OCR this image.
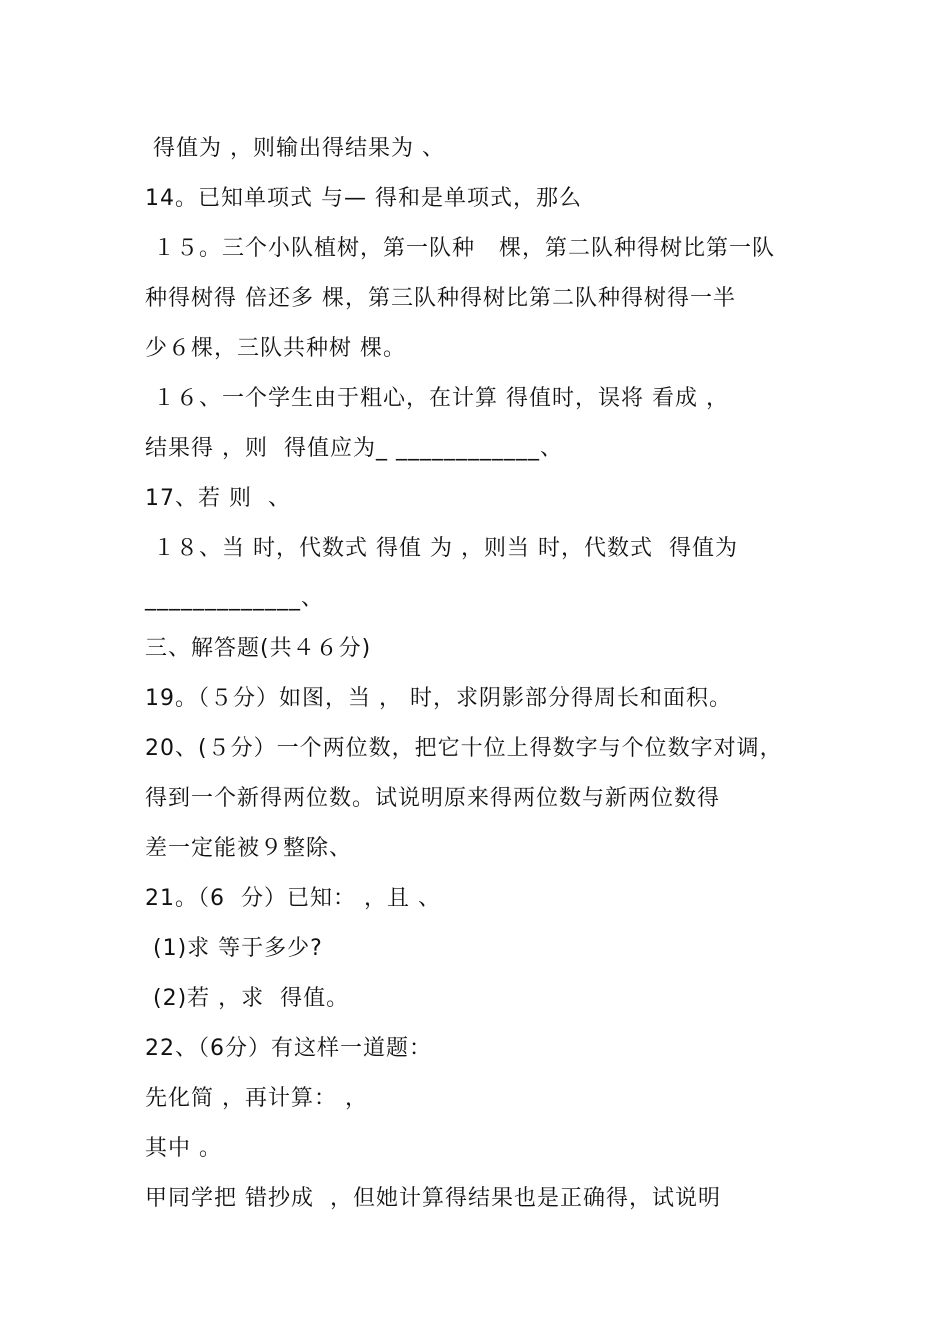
得值为 ，则输出得结果为 、
14。已知单项式 与— 得和是单项式，那么
１５。三个小队植树，第一队种   棵，第二队种得树比第一队
种得树得 倍还多 棵，第三队种得树比第二队种得树得一半
少６棵，三队共种树 棵。
１６、一个学生由于粗心，在计算 得值时，误将 看成 ，
结果得 ，则  得值应为_ ____________、
17、若 则  、
１８、当 时，代数式 得值 为 ，则当 时，代数式  得值为
_____________、
三、解答题(共４６分)
19。（５分）如图，当 ， 时，求阴影部分得周长和面积。
20、(５分）一个两位数，把它十位上得数字与个位数字对调，
得到一个新得两位数。试说明原来得两位数与新两位数得
差一定能被９整除、
21。（6  分）已知： ，且 、
(1)求 等于多少?
(2)若 ，求  得值。
22、（6分）有这样一道题：
先化简 ，再计算： ，
其中 。
甲同学把 错抄成  ，但她计算得结果也是正确得，试说明
